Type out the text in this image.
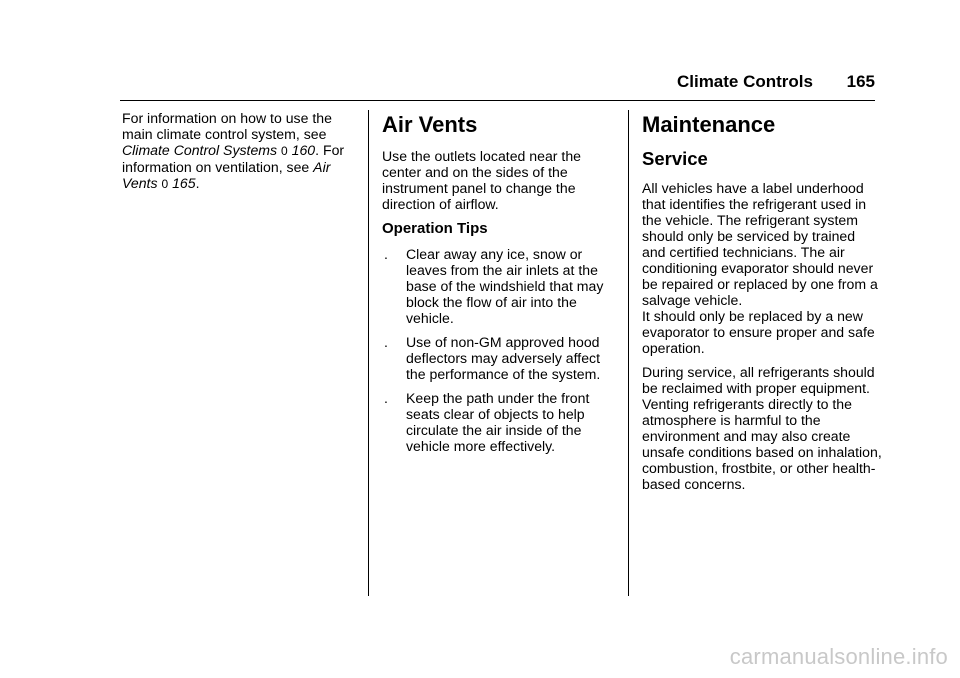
Climate Controls 165

For information on how to use the main climate control system, see Climate Control Systems 0 160. For information on ventilation, see Air Vents 0 165.

Air Vents

Use the outlets located near the center and on the sides of the instrument panel to change the direction of airflow.

Operation Tips
. Clear away any ice, snow or leaves from the air inlets at the base of the windshield that may block the flow of air into the vehicle.
. Use of non-GM approved hood deflectors may adversely affect the performance of the system.
. Keep the path under the front seats clear of objects to help circulate the air inside of the vehicle more effectively.
Maintenance
Service

All vehicles have a label underhood that identifies the refrigerant used in the vehicle. The refrigerant system should only be serviced by trained and certified technicians. The air conditioning evaporator should never be repaired or replaced by one from a salvage vehicle.

It should only be replaced by a new evaporator to ensure proper and safe operation.

During service, all refrigerants should be reclaimed with proper equipment. Venting refrigerants directly to the atmosphere is harmful to the environment and may also create unsafe conditions based on inhalation, combustion, frostbite, or other health-based concerns.

carmanualsonline.info
